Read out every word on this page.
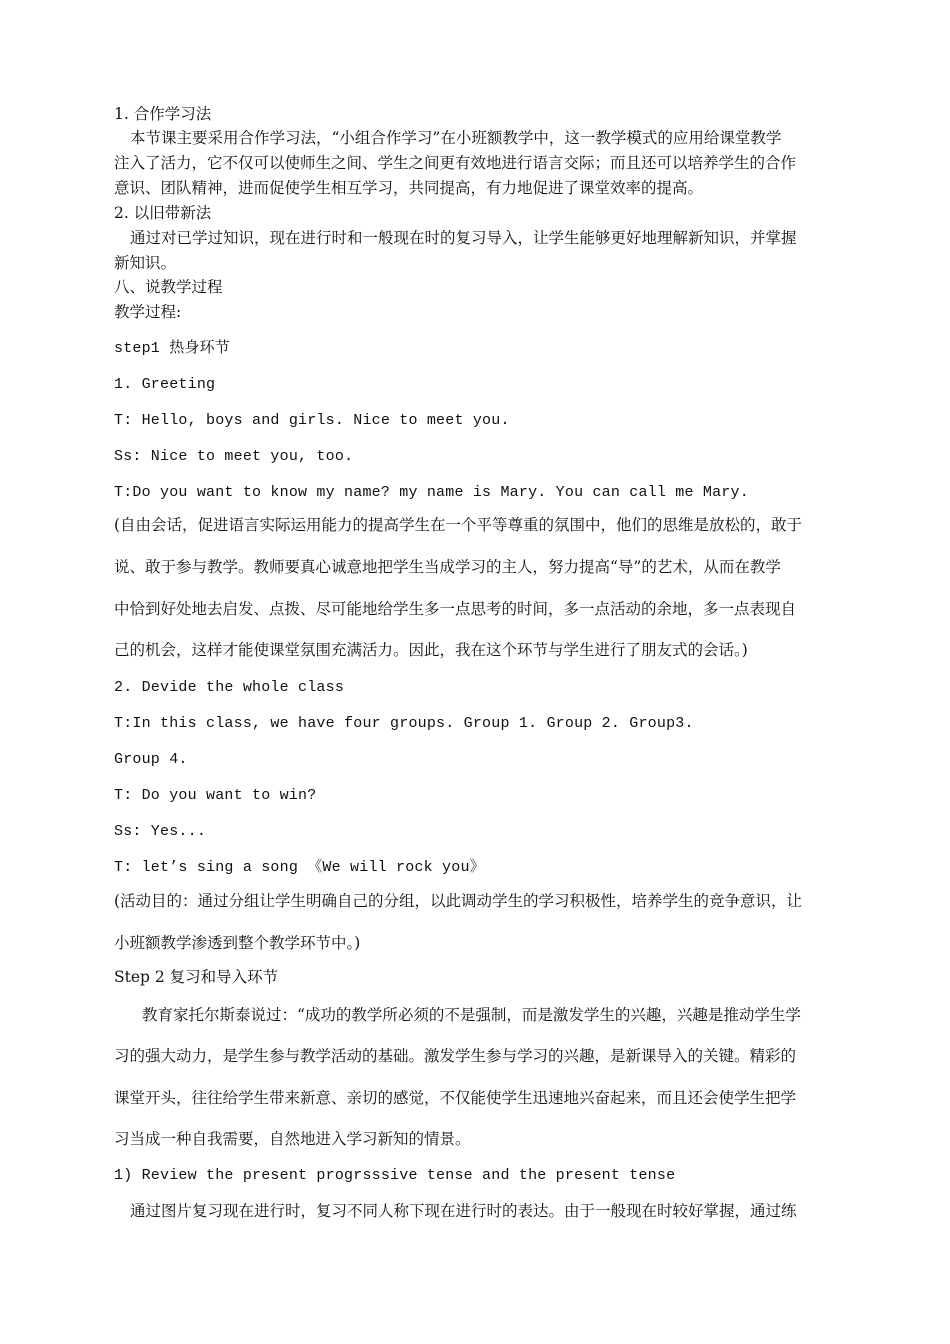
1. 合作学习法
本节课主要采用合作学习法，“小组合作学习”在小班额教学中，这一教学模式的应用给课堂教学
注入了活力，它不仅可以使师生之间、学生之间更有效地进行语言交际；而且还可以培养学生的合作
意识、团队精神，进而促使学生相互学习，共同提高，有力地促进了课堂效率的提高。
2. 以旧带新法
通过对已学过知识，现在进行时和一般现在时的复习导入，让学生能够更好地理解新知识，并掌握
新知识。
八、说教学过程
教学过程:
step1 热身环节
1. Greeting
T: Hello, boys and girls. Nice to meet you.
Ss: Nice to meet you, too.
T:Do you want to know my name? my name is Mary. You can call me Mary.
(自由会话，促进语言实际运用能力的提高学生在一个平等尊重的氛围中，他们的思维是放松的，敢于
说、敢于参与教学。教师要真心诚意地把学生当成学习的主人，努力提高“导”的艺术，从而在教学
中恰到好处地去启发、点拨、尽可能地给学生多一点思考的时间，多一点活动的余地，多一点表现自
己的机会，这样才能使课堂氛围充满活力。因此，我在这个环节与学生进行了朋友式的会话。)
2. Devide the whole class
T:In this class, we have four groups. Group 1. Group 2. Group3.
Group 4.
T: Do you want to win?
Ss: Yes...
T: let’s sing a song 《We will rock you》
(活动目的：通过分组让学生明确自己的分组，以此调动学生的学习积极性，培养学生的竞争意识，让
小班额教学渗透到整个教学环节中。)
Step 2 复习和导入环节
教育家托尔斯泰说过：“成功的教学所必须的不是强制，而是激发学生的兴趣，兴趣是推动学生学
习的强大动力，是学生参与教学活动的基础。激发学生参与学习的兴趣，是新课导入的关键。精彩的
课堂开头，往往给学生带来新意、亲切的感觉，不仅能使学生迅速地兴奋起来，而且还会使学生把学
习当成一种自我需要，自然地进入学习新知的情景。
1) Review the present progrsssive tense and the present tense
通过图片复习现在进行时，复习不同人称下现在进行时的表达。由于一般现在时较好掌握，通过练
